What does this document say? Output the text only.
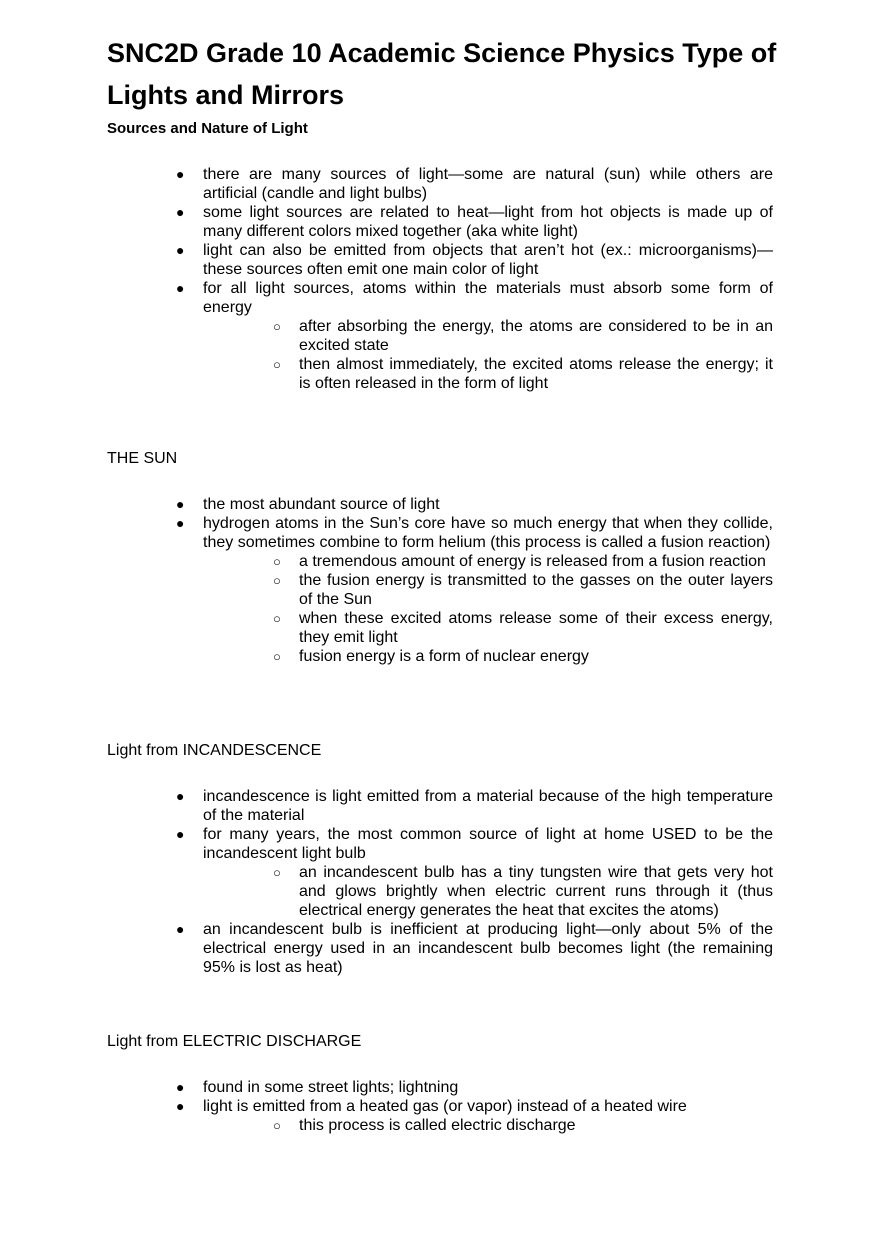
SNC2D Grade 10 Academic Science Physics Type of Lights and Mirrors
Sources and Nature of Light
● there are many sources of light—some are natural (sun) while others are artificial (candle and light bulbs)
● some light sources are related to heat—light from hot objects is made up of many different colors mixed together (aka white light)
● light can also be emitted from objects that aren’t hot (ex.: microorganisms)—these sources often emit one main color of light
● for all light sources, atoms within the materials must absorb some form of energy
○ after absorbing the energy, the atoms are considered to be in an excited state
○ then almost immediately, the excited atoms release the energy; it is often released in the form of light
THE SUN
● the most abundant source of light
● hydrogen atoms in the Sun’s core have so much energy that when they collide, they sometimes combine to form helium (this process is called a fusion reaction)
○ a tremendous amount of energy is released from a fusion reaction
○ the fusion energy is transmitted to the gasses on the outer layers of the Sun
○ when these excited atoms release some of their excess energy, they emit light
○ fusion energy is a form of nuclear energy
Light from INCANDESCENCE
● incandescence is light emitted from a material because of the high temperature of the material
● for many years, the most common source of light at home USED to be the incandescent light bulb
○ an incandescent bulb has a tiny tungsten wire that gets very hot and glows brightly when electric current runs through it (thus electrical energy generates the heat that excites the atoms)
● an incandescent bulb is inefficient at producing light—only about 5% of the electrical energy used in an incandescent bulb becomes light (the remaining 95% is lost as heat)
Light from ELECTRIC DISCHARGE
● found in some street lights; lightning
● light is emitted from a heated gas (or vapor) instead of a heated wire
○ this process is called electric discharge
